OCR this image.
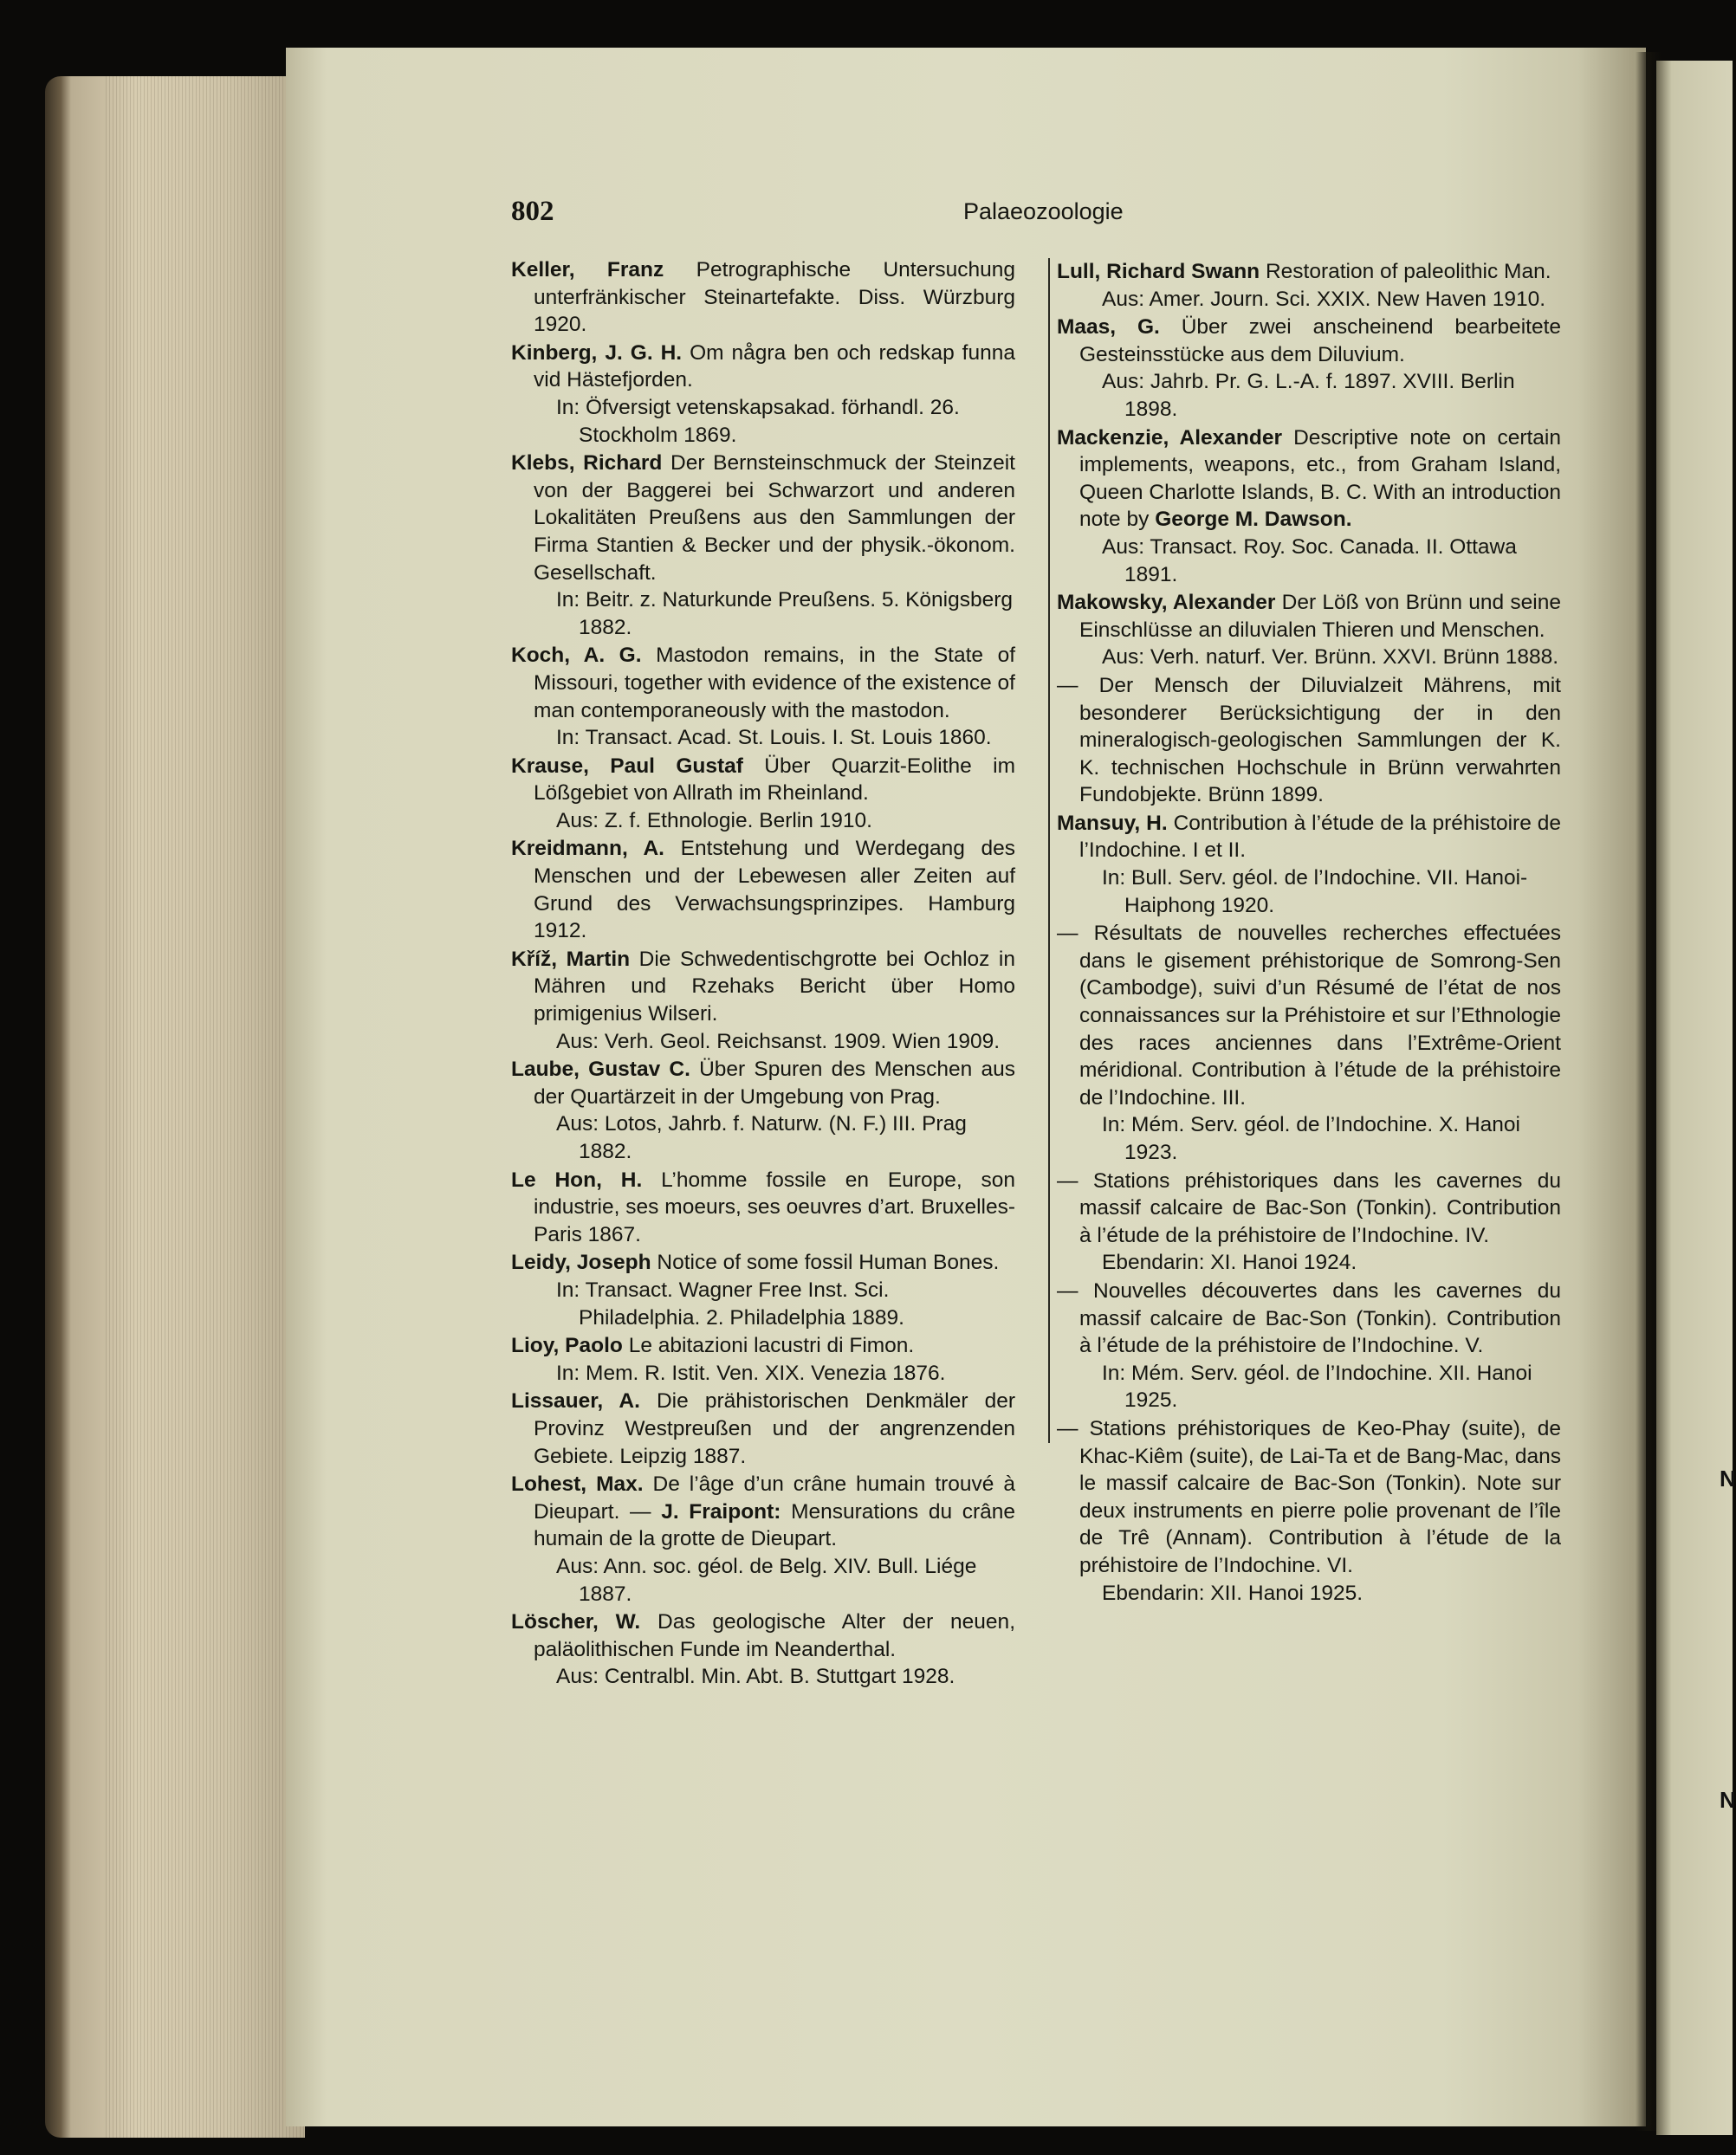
802	Palaeozoologie
Keller, Franz Petrographische Untersuchung unterfränkischer Steinartefakte. Diss. Würzburg 1920.
Kinberg, J. G. H. Om några ben och redskap funna vid Hästefjorden.
In: Öfversigt vetenskapsakad. förhandl. 26. Stockholm 1869.
Klebs, Richard Der Bernsteinschmuck der Steinzeit von der Baggerei bei Schwarzort und anderen Lokalitäten Preußens aus den Sammlungen der Firma Stantien & Becker und der physik.-ökonom. Gesellschaft.
In: Beitr. z. Naturkunde Preußens. 5. Königsberg 1882.
Koch, A. G. Mastodon remains, in the State of Missouri, together with evidence of the existence of man contemporaneously with the mastodon.
In: Transact. Acad. St. Louis. I. St. Louis 1860.
Krause, Paul Gustaf Über Quarzit-Eolithe im Lößgebiet von Allrath im Rheinland.
Aus: Z. f. Ethnologie. Berlin 1910.
Kreidmann, A. Entstehung und Werdegang des Menschen und der Lebewesen aller Zeiten auf Grund des Verwachsungsprinzipes. Hamburg 1912.
Kříž, Martin Die Schwedentischgrotte bei Ochloz in Mähren und Rzehaks Bericht über Homo primigenius Wilseri.
Aus: Verh. Geol. Reichsanst. 1909. Wien 1909.
Laube, Gustav C. Über Spuren des Menschen aus der Quartärzeit in der Umgebung von Prag.
Aus: Lotos, Jahrb. f. Naturw. (N. F.) III. Prag 1882.
Le Hon, H. L’homme fossile en Europe, son industrie, ses moeurs, ses oeuvres d’art. Bruxelles-Paris 1867.
Leidy, Joseph Notice of some fossil Human Bones.
In: Transact. Wagner Free Inst. Sci. Philadelphia. 2. Philadelphia 1889.
Lioy, Paolo Le abitazioni lacustri di Fimon.
In: Mem. R. Istit. Ven. XIX. Venezia 1876.
Lissauer, A. Die prähistorischen Denkmäler der Provinz Westpreußen und der angrenzenden Gebiete. Leipzig 1887.
Lohest, Max. De l’âge d’un crâne humain trouvé à Dieupart. — J. Fraipont: Mensurations du crâne humain de la grotte de Dieupart.
Aus: Ann. soc. géol. de Belg. XIV. Bull. Liége 1887.
Löscher, W. Das geologische Alter der neuen, paläolithischen Funde im Neanderthal.
Aus: Centralbl. Min. Abt. B. Stuttgart 1928.
Lull, Richard Swann Restoration of paleolithic Man.
Aus: Amer. Journ. Sci. XXIX. New Haven 1910.
Maas, G. Über zwei anscheinend bearbeitete Gesteinsstücke aus dem Diluvium.
Aus: Jahrb. Pr. G. L.-A. f. 1897. XVIII. Berlin 1898.
Mackenzie, Alexander Descriptive note on certain implements, weapons, etc., from Graham Island, Queen Charlotte Islands, B. C. With an introduction note by George M. Dawson.
Aus: Transact. Roy. Soc. Canada. II. Ottawa 1891.
Makowsky, Alexander Der Löß von Brünn und seine Einschlüsse an diluvialen Thieren und Menschen.
Aus: Verh. naturf. Ver. Brünn. XXVI. Brünn 1888.
— Der Mensch der Diluvialzeit Mährens, mit besonderer Berücksichtigung der in den mineralogisch-geologischen Sammlungen der K. K. technischen Hochschule in Brünn verwahrten Fundobjekte. Brünn 1899.
Mansuy, H. Contribution à l’étude de la préhistoire de l’Indochine. I et II.
In: Bull. Serv. géol. de l’Indochine. VII. Hanoi-Haiphong 1920.
— Résultats de nouvelles recherches effectuées dans le gisement préhistorique de Somrong-Sen (Cambodge), suivi d’un Résumé de l’état de nos connaissances sur la Préhistoire et sur l’Ethnologie des races anciennes dans l’Extrême-Orient méridional. Contribution à l’étude de la préhistoire de l’Indochine. III.
In: Mém. Serv. géol. de l’Indochine. X. Hanoi 1923.
— Stations préhistoriques dans les cavernes du massif calcaire de Bac-Son (Tonkin). Contribution à l’étude de la préhistoire de l’Indochine. IV.
Ebendarin: XI. Hanoi 1924.
— Nouvelles découvertes dans les cavernes du massif calcaire de Bac-Son (Tonkin). Contribution à l’étude de la préhistoire de l’Indochine. V.
In: Mém. Serv. géol. de l’Indochine. XII. Hanoi 1925.
— Stations préhistoriques de Keo-Phay (suite), de Khac-Kiêm (suite), de Lai-Ta et de Bang-Mac, dans le massif calcaire de Bac-Son (Tonkin). Note sur deux instruments en pierre polie provenant de l’île de Trê (Annam). Contribution à l’étude de la préhistoire de l’Indochine. VI.
Ebendarin: XII. Hanoi 1925.
N
N
